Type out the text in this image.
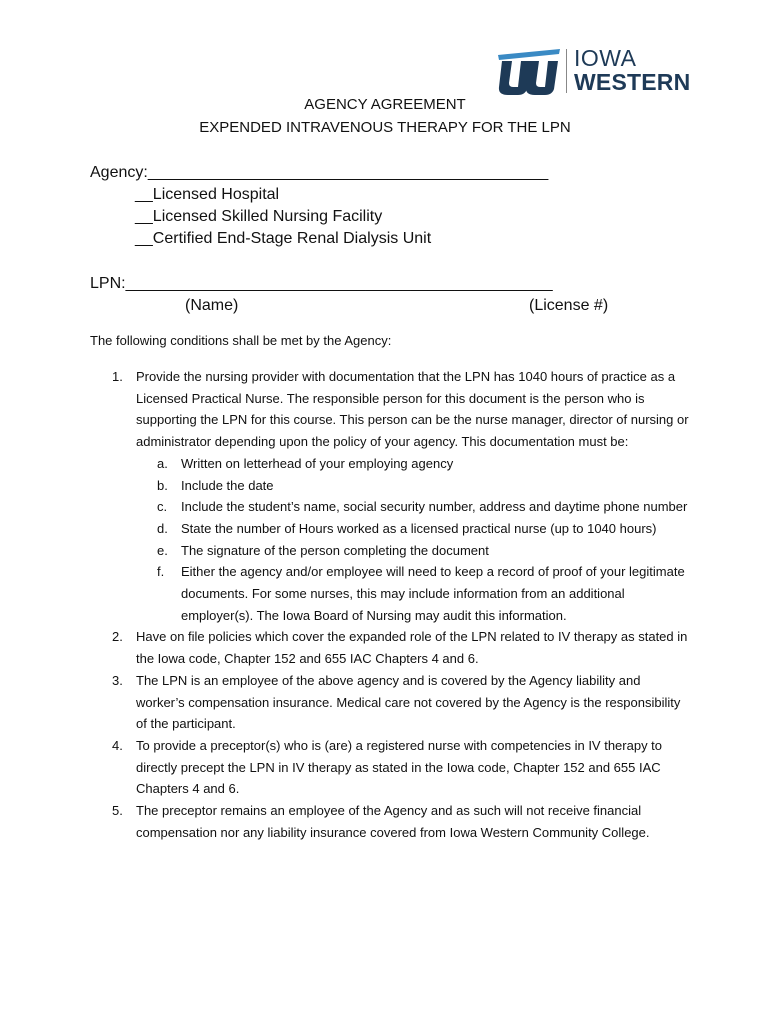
IOWA
WESTERN
AGENCY AGREEMENT
EXPENDED INTRAVENOUS THERAPY FOR THE LPN
Agency:_____________________________________________
__Licensed Hospital
__Licensed Skilled Nursing Facility
__Certified End-Stage Renal Dialysis Unit
LPN:________________________________________________
(Name)	(License #)
The following conditions shall be met by the Agency:
1. Provide the nursing provider with documentation that the LPN has 1040 hours of practice as a Licensed Practical Nurse. The responsible person for this document is the person who is supporting the LPN for this course. This person can be the nurse manager, director of nursing or administrator depending upon the policy of your agency. This documentation must be:
a. Written on letterhead of your employing agency
b. Include the date
c. Include the student’s name, social security number, address and daytime phone number
d. State the number of Hours worked as a licensed practical nurse (up to 1040 hours)
e. The signature of the person completing the document
f. Either the agency and/or employee will need to keep a record of proof of your legitimate documents. For some nurses, this may include information from an additional employer(s). The Iowa Board of Nursing may audit this information.
2. Have on file policies which cover the expanded role of the LPN related to IV therapy as stated in the Iowa code, Chapter 152 and 655 IAC Chapters 4 and 6.
3. The LPN is an employee of the above agency and is covered by the Agency liability and worker’s compensation insurance. Medical care not covered by the Agency is the responsibility of the participant.
4. To provide a preceptor(s) who is (are) a registered nurse with competencies in IV therapy to directly precept the LPN in IV therapy as stated in the Iowa code, Chapter 152 and 655 IAC Chapters 4 and 6.
5. The preceptor remains an employee of the Agency and as such will not receive financial compensation nor any liability insurance covered from Iowa Western Community College.
